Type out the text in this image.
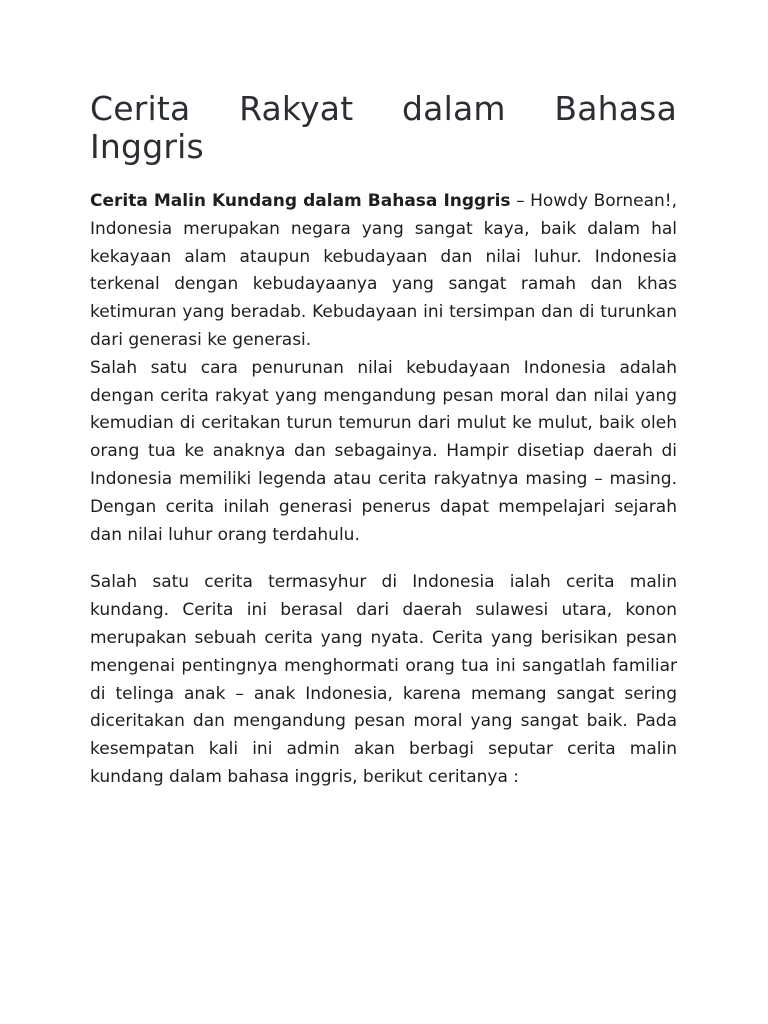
Cerita Rakyat dalam Bahasa Inggris

Cerita Malin Kundang dalam Bahasa Inggris – Howdy Bornean!, Indonesia merupakan negara yang sangat kaya, baik dalam hal kekayaan alam ataupun kebudayaan dan nilai luhur. Indonesia terkenal dengan kebudayaanya yang sangat ramah dan khas ketimuran yang beradab. Kebudayaan ini tersimpan dan di turunkan dari generasi ke generasi.

Salah satu cara penurunan nilai kebudayaan Indonesia adalah dengan cerita rakyat yang mengandung pesan moral dan nilai yang kemudian di ceritakan turun temurun dari mulut ke mulut, baik oleh orang tua ke anaknya dan sebagainya. Hampir disetiap daerah di Indonesia memiliki legenda atau cerita rakyatnya masing – masing. Dengan cerita inilah generasi penerus dapat mempelajari sejarah dan nilai luhur orang terdahulu.

Salah satu cerita termasyhur di Indonesia ialah cerita malin kundang. Cerita ini berasal dari daerah sulawesi utara, konon merupakan sebuah cerita yang nyata. Cerita yang berisikan pesan mengenai pentingnya menghormati orang tua ini sangatlah familiar di telinga anak – anak Indonesia, karena memang sangat sering diceritakan dan mengandung pesan moral yang sangat baik. Pada kesempatan kali ini admin akan berbagi seputar cerita malin kundang dalam bahasa inggris, berikut ceritanya :
